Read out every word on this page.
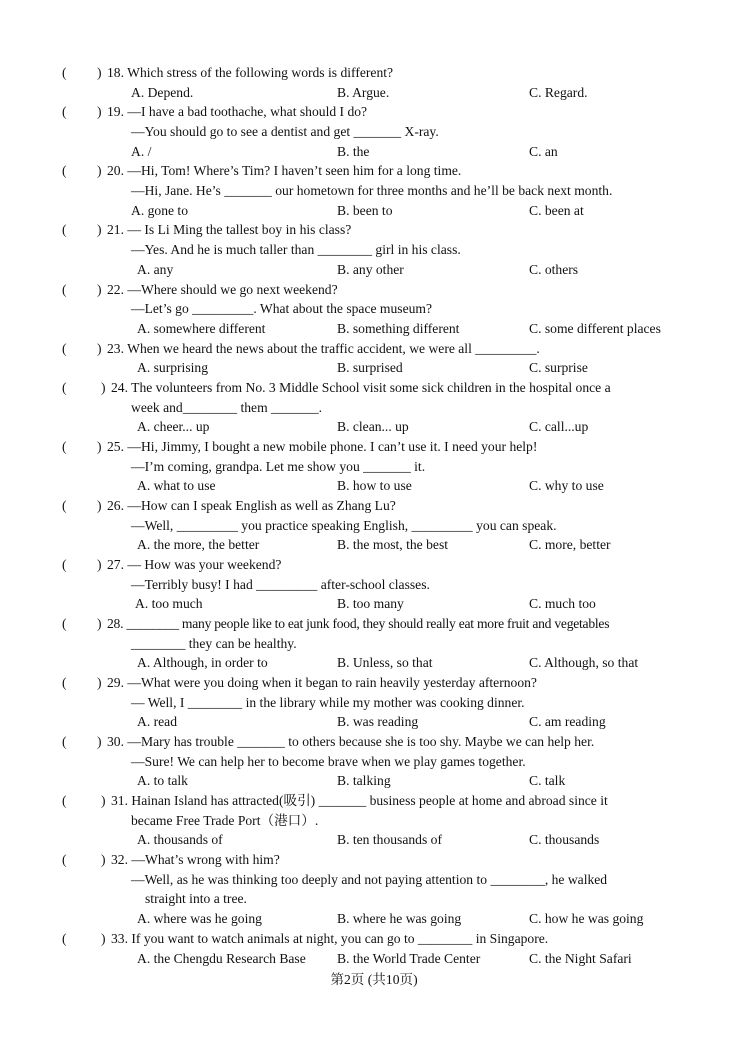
( ) 18. Which stress of the following words is different?
A. Depend.	B. Argue.	C. Regard.
( ) 19. —I have a bad toothache, what should I do?
—You should go to see a dentist and get _______ X-ray.
A. /	B. the	C. an
( ) 20. —Hi, Tom! Where’s Tim? I haven’t seen him for a long time.
—Hi, Jane. He’s _______ our hometown for three months and he’ll be back next month.
A. gone to	B. been to	C. been at
( ) 21. — Is Li Ming the tallest boy in his class?
—Yes. And he is much taller than ________ girl in his class.
A. any	B. any other	C. others
( ) 22. —Where should we go next weekend?
—Let’s go _________. What about the space museum?
A. somewhere different	B. something different	C. some different places
( ) 23. When we heard the news about the traffic accident, we were all _________.
A. surprising	B. surprised	C. surprise
(	) 24. The volunteers from No. 3 Middle School visit some sick children in the hospital once a
week and________ them _______.
A. cheer... up	B. clean... up	C. call...up
( ) 25. —Hi, Jimmy, I bought a new mobile phone. I can’t use it. I need your help!
—I’m coming, grandpa. Let me show you _______ it.
A. what to use	B. how to use	C. why to use
( ) 26. —How can I speak English as well as Zhang Lu?
—Well, _________ you practice speaking English, _________ you can speak.
A. the more, the better	B. the most, the best	C. more, better
( ) 27. — How was your weekend?
—Terribly busy! I had _________ after-school classes.
A. too much	B. too many	C. much too
( ) 28. ________ many people like to eat junk food, they should really eat more fruit and vegetables
________ they can be healthy.
A. Although, in order to	B. Unless, so that	C. Although, so that
( ) 29. —What were you doing when it began to rain heavily yesterday afternoon?
— Well, I ________ in the library while my mother was cooking dinner.
A. read	B. was reading	C. am reading
( ) 30. —Mary has trouble _______ to others because she is too shy. Maybe we can help her.
—Sure! We can help her to become brave when we play games together.
A. to talk	B. talking	C. talk
(	) 31. Hainan Island has attracted(吸引) _______ business people at home and abroad since it
became Free Trade Port（港口）.
A. thousands of	B. ten thousands of	C. thousands
(	) 32. —What’s wrong with him?
—Well, as he was thinking too deeply and not paying attention to ________, he walked
straight into a tree.
A. where was he going	B. where he was going	C. how he was going
(	) 33. If you want to watch animals at night, you can go to ________ in Singapore.
A. the Chengdu Research Base B. the World Trade Center	C. the Night Safari
第2页 (共10页)
